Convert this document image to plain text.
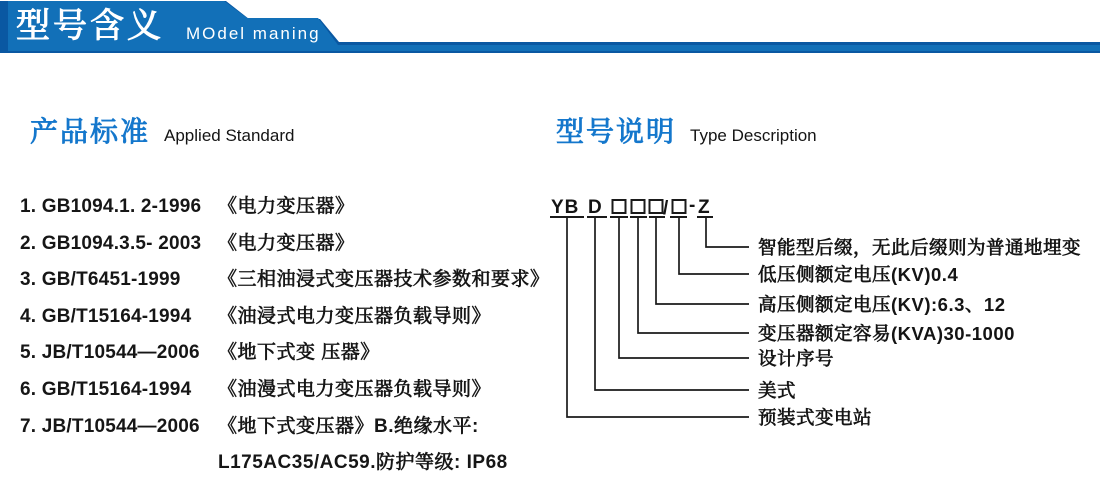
型号含义 MOdel maning
产品标准 Applied Standard	型号说明 Type Description
1. GB1094.1. 2-1996 《电力变压器》
2. GB1094.3.5- 2003 《电力变压器》
3. GB/T6451-1999	《三相油浸式变压器技术参数和要求》
4. GB/T15164-1994	《油浸式电力变压器负载导则》
5. JB/T10544—2006 《地下式变 压器》
6. GB/T15164-1994	《油漫式电力变压器负载导则》
7. JB/T10544—2006 《地下式变压器》B.绝缘水平:
L175AC35/AC59.防护等级: IP68
YB D	/ - Z
智能型后缀，无此后缀则为普通地埋变
低压侧额定电压(KV)0.4
高压侧额定电压(KV):6.3、12
变压器额定容易(KVA)30-1000
设计序号
美式
预装式变电站
